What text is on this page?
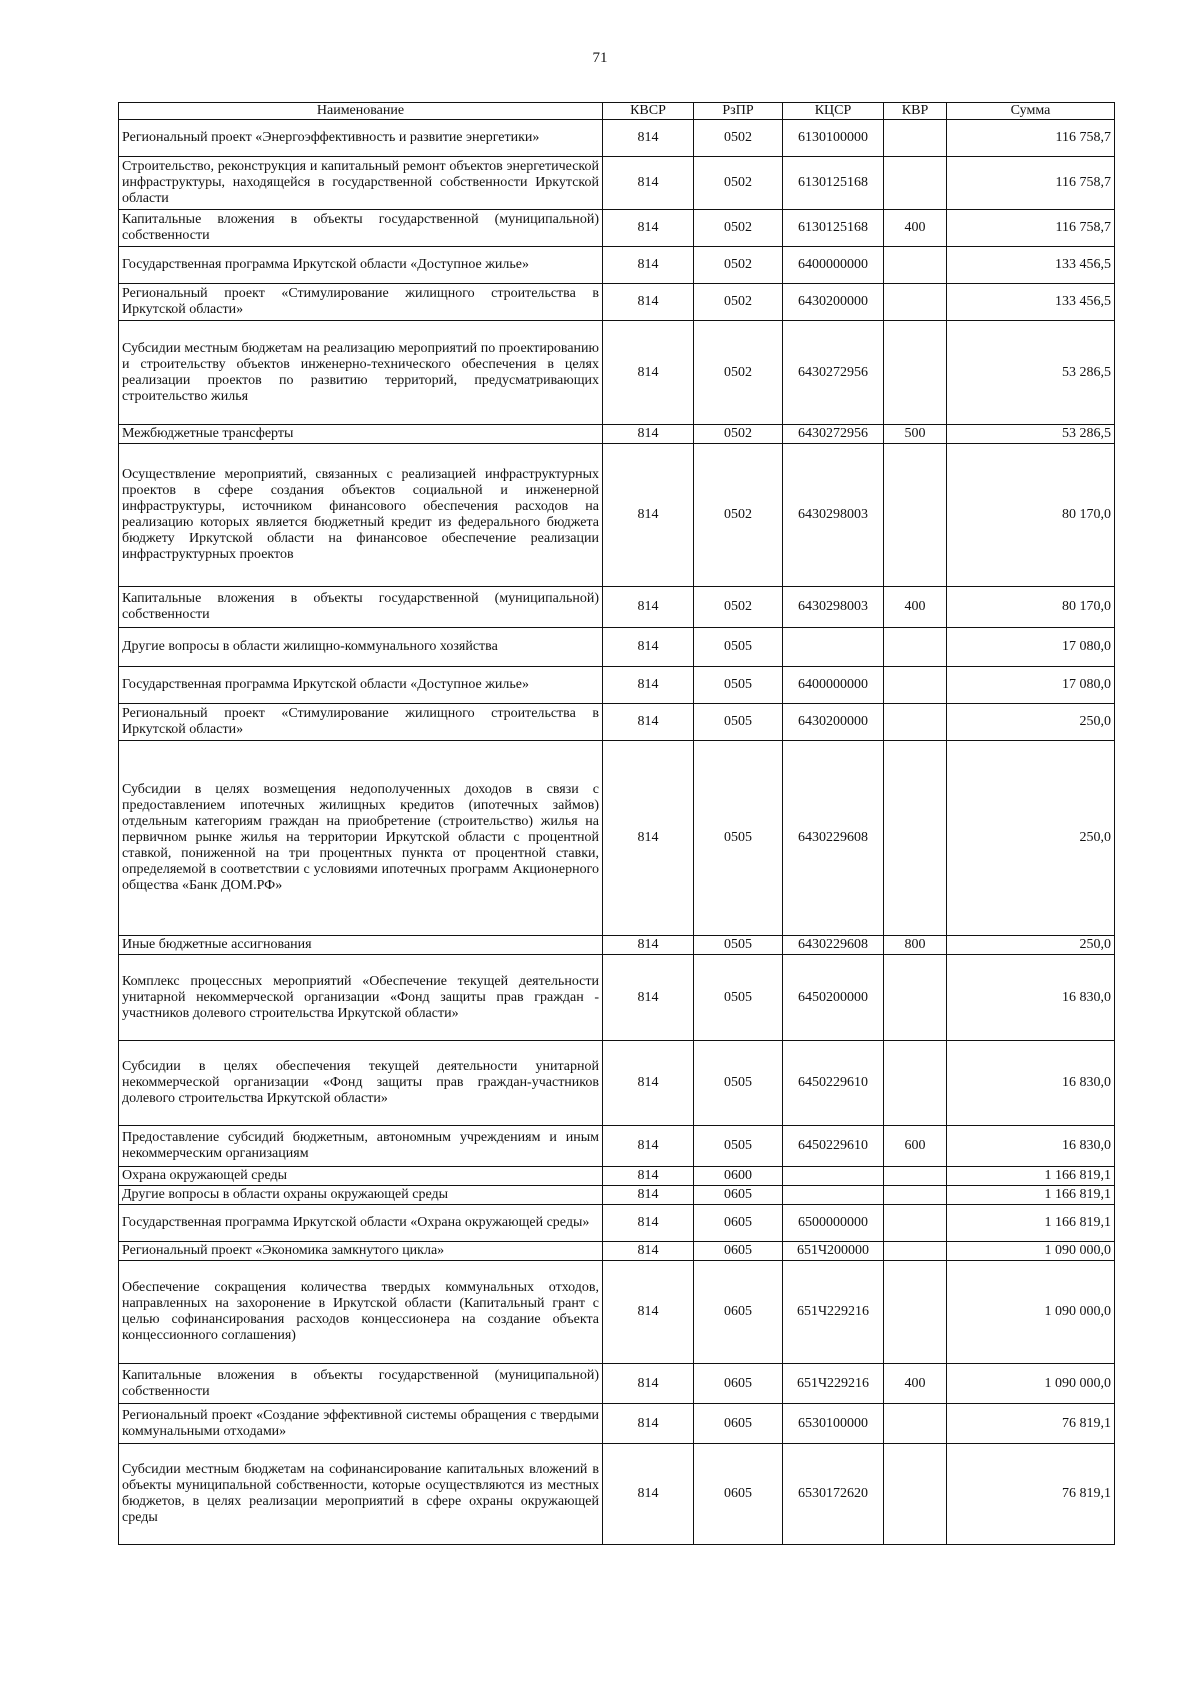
71
Наименование	КВСР	РзПР	КЦСР	КВР	Сумма
Региональный проект «Энергоэффективность и развитие энергетики»	814	0502	6130100000		116 758,7
Строительство, реконструкция и капитальный ремонт объектов энергетической инфраструктуры, находящейся в государственной собственности Иркутской области	814	0502	6130125168		116 758,7
Капитальные вложения в объекты государственной (муниципальной) собственности	814	0502	6130125168	400	116 758,7
Государственная программа Иркутской области «Доступное жилье»	814	0502	6400000000		133 456,5
Региональный проект «Стимулирование жилищного строительства в Иркутской области»	814	0502	6430200000		133 456,5
Субсидии местным бюджетам на реализацию мероприятий по проектированию и строительству объектов инженерно-технического обеспечения в целях реализации проектов по развитию территорий, предусматривающих строительство жилья	814	0502	6430272956		53 286,5
Межбюджетные трансферты	814	0502	6430272956	500	53 286,5
Осуществление мероприятий, связанных с реализацией инфраструктурных проектов в сфере создания объектов социальной и инженерной инфраструктуры, источником финансового обеспечения расходов на реализацию которых является бюджетный кредит из федерального бюджета бюджету Иркутской области на финансовое обеспечение реализации инфраструктурных проектов	814	0502	6430298003		80 170,0
Капитальные вложения в объекты государственной (муниципальной) собственности	814	0502	6430298003	400	80 170,0
Другие вопросы в области жилищно-коммунального хозяйства	814	0505			17 080,0
Государственная программа Иркутской области «Доступное жилье»	814	0505	6400000000		17 080,0
Региональный проект «Стимулирование жилищного строительства в Иркутской области»	814	0505	6430200000		250,0
Субсидии в целях возмещения недополученных доходов в связи с предоставлением ипотечных жилищных кредитов (ипотечных займов) отдельным категориям граждан на приобретение (строительство) жилья на первичном рынке жилья на территории Иркутской области с процентной ставкой, пониженной на три процентных пункта от процентной ставки, определяемой в соответствии с условиями ипотечных программ Акционерного общества «Банк ДОМ.РФ»	814	0505	6430229608		250,0
Иные бюджетные ассигнования	814	0505	6430229608	800	250,0
Комплекс процессных мероприятий «Обеспечение текущей деятельности унитарной некоммерческой организации «Фонд защиты прав граждан - участников долевого строительства Иркутской области»	814	0505	6450200000		16 830,0
Субсидии в целях обеспечения текущей деятельности унитарной некоммерческой организации «Фонд защиты прав граждан-участников долевого строительства Иркутской области»	814	0505	6450229610		16 830,0
Предоставление субсидий бюджетным, автономным учреждениям и иным некоммерческим организациям	814	0505	6450229610	600	16 830,0
Охрана окружающей среды	814	0600			1 166 819,1
Другие вопросы в области охраны окружающей среды	814	0605			1 166 819,1
Государственная программа Иркутской области «Охрана окружающей среды»	814	0605	6500000000		1 166 819,1
Региональный проект «Экономика замкнутого цикла»	814	0605	651Ч200000		1 090 000,0
Обеспечение сокращения количества твердых коммунальных отходов, направленных на захоронение в Иркутской области (Капитальный грант с целью софинансирования расходов концессионера на создание объекта концессионного соглашения)	814	0605	651Ч229216		1 090 000,0
Капитальные вложения в объекты государственной (муниципальной) собственности	814	0605	651Ч229216	400	1 090 000,0
Региональный проект «Создание эффективной системы обращения с твердыми коммунальными отходами»	814	0605	6530100000		76 819,1
Субсидии местным бюджетам на софинансирование капитальных вложений в объекты муниципальной собственности, которые осуществляются из местных бюджетов, в целях реализации мероприятий в сфере охраны окружающей среды	814	0605	6530172620		76 819,1
